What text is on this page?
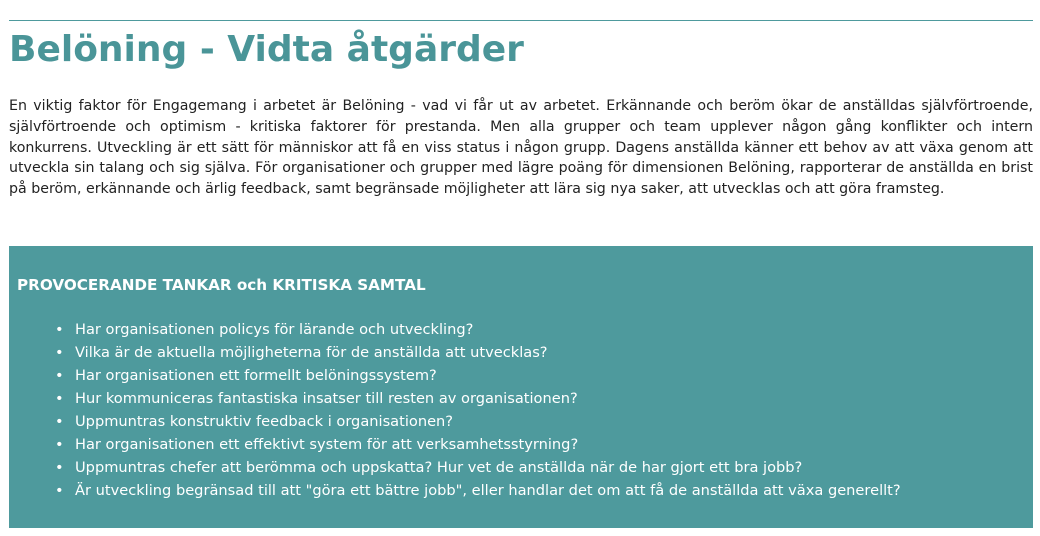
Belöning - Vidta åtgärder

En viktig faktor för Engagemang i arbetet är Belöning - vad vi får ut av arbetet. Erkännande och beröm ökar de anställdas självförtroende, självförtroende och optimism - kritiska faktorer för prestanda. Men alla grupper och team upplever någon gång konflikter och intern konkurrens. Utveckling är ett sätt för människor att få en viss status i någon grupp. Dagens anställda känner ett behov av att växa genom att utveckla sin talang och sig själva. För organisationer och grupper med lägre poäng för dimensionen Belöning, rapporterar de anställda en brist på beröm, erkännande och ärlig feedback, samt begränsade möjligheter att lära sig nya saker, att utvecklas och att göra framsteg.

PROVOCERANDE TANKAR och KRITISKA SAMTAL
• Har organisationen policys för lärande och utveckling?
• Vilka är de aktuella möjligheterna för de anställda att utvecklas?
• Har organisationen ett formellt belöningssystem?
• Hur kommuniceras fantastiska insatser till resten av organisationen?
• Uppmuntras konstruktiv feedback i organisationen?
• Har organisationen ett effektivt system för att verksamhetsstyrning?
• Uppmuntras chefer att berömma och uppskatta? Hur vet de anställda när de har gjort ett bra jobb?
• Är utveckling begränsad till att "göra ett bättre jobb", eller handlar det om att få de anställda att växa generellt?
